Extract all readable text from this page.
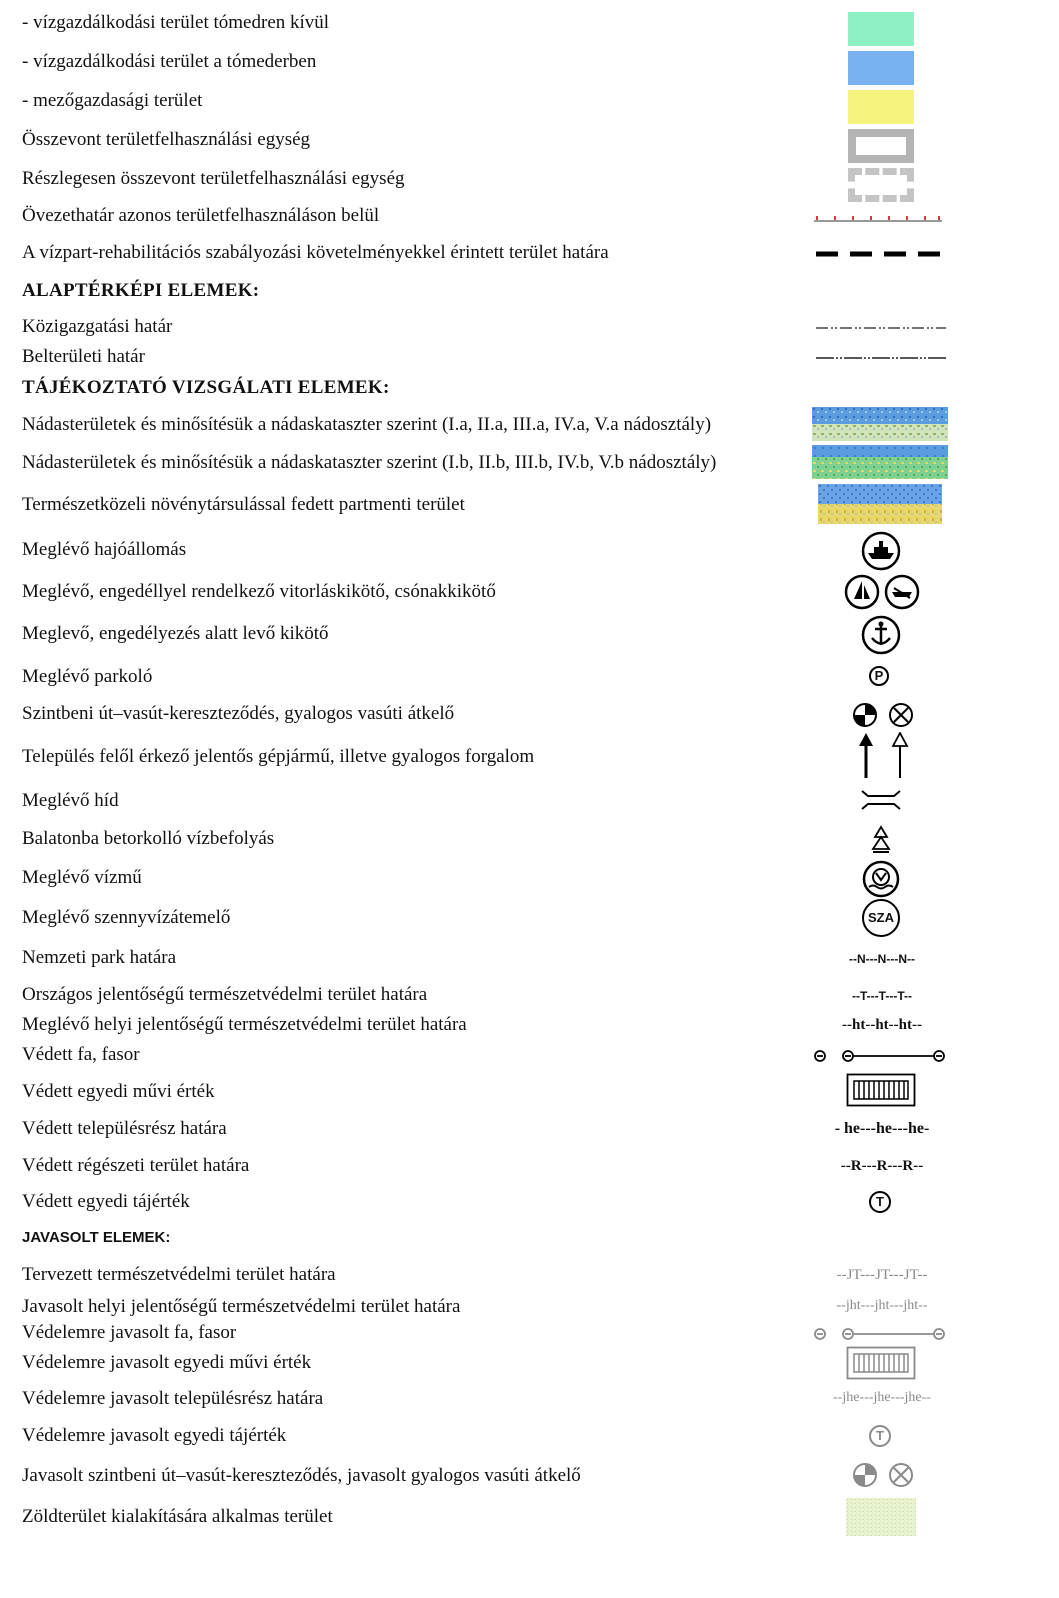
- vízgazdálkodási terület tómedren kívül
- vízgazdálkodási terület a tómederben
- mezőgazdasági terület
Összevont területfelhasználási egység
Részlegesen összevont területfelhasználási egység
Övezethatár azonos területfelhasználáson belül
A vízpart-rehabilitációs szabályozási követelményekkel érintett terület határa
ALAPTÉRKÉPI ELEMEK:
Közigazgatási határ
Belterületi határ
TÁJÉKOZTATÓ VIZSGÁLATI ELEMEK:
Nádasterületek és minősítésük a nádaskataszter szerint (I.a, II.a, III.a, IV.a, V.a nádosztály)
Nádasterületek és minősítésük a nádaskataszter szerint (I.b, II.b, III.b, IV.b, V.b nádosztály)
Természetközeli növénytársulással fedett partmenti terület
Meglévő hajóállomás
Meglévő, engedéllyel rendelkező vitorláskikötő, csónakkikötő
Meglevő, engedélyezés alatt levő kikötő
Meglévő parkoló	P
Szintbeni út–vasút-kereszteződés, gyalogos vasúti átkelő
Település felől érkező jelentős gépjármű, illetve gyalogos forgalom
Meglévő híd
Balatonba betorkolló vízbefolyás
Meglévő vízmű
Meglévő szennyvízátemelő	SZA
Nemzeti park határa	--N---N---N--
Országos jelentőségű természetvédelmi terület határa	--T---T---T--
Meglévő helyi jelentőségű természetvédelmi terület határa	--ht--ht--ht--
Védett fa, fasor
Védett egyedi művi érték
Védett településrész határa	- he---he---he-
Védett régészeti terület határa	--R---R---R--
Védett egyedi tájérték	T
JAVASOLT ELEMEK:
Tervezett természetvédelmi terület határa	--JT---JT---JT--
Javasolt helyi jelentőségű természetvédelmi terület határa	--jht---jht---jht--
Védelemre javasolt fa, fasor
Védelemre javasolt egyedi művi érték
Védelemre javasolt településrész határa	--jhe---jhe---jhe--
Védelemre javasolt egyedi tájérték	T
Javasolt szintbeni út–vasút-kereszteződés, javasolt gyalogos vasúti átkelő
Zöldterület kialakítására alkalmas terület
